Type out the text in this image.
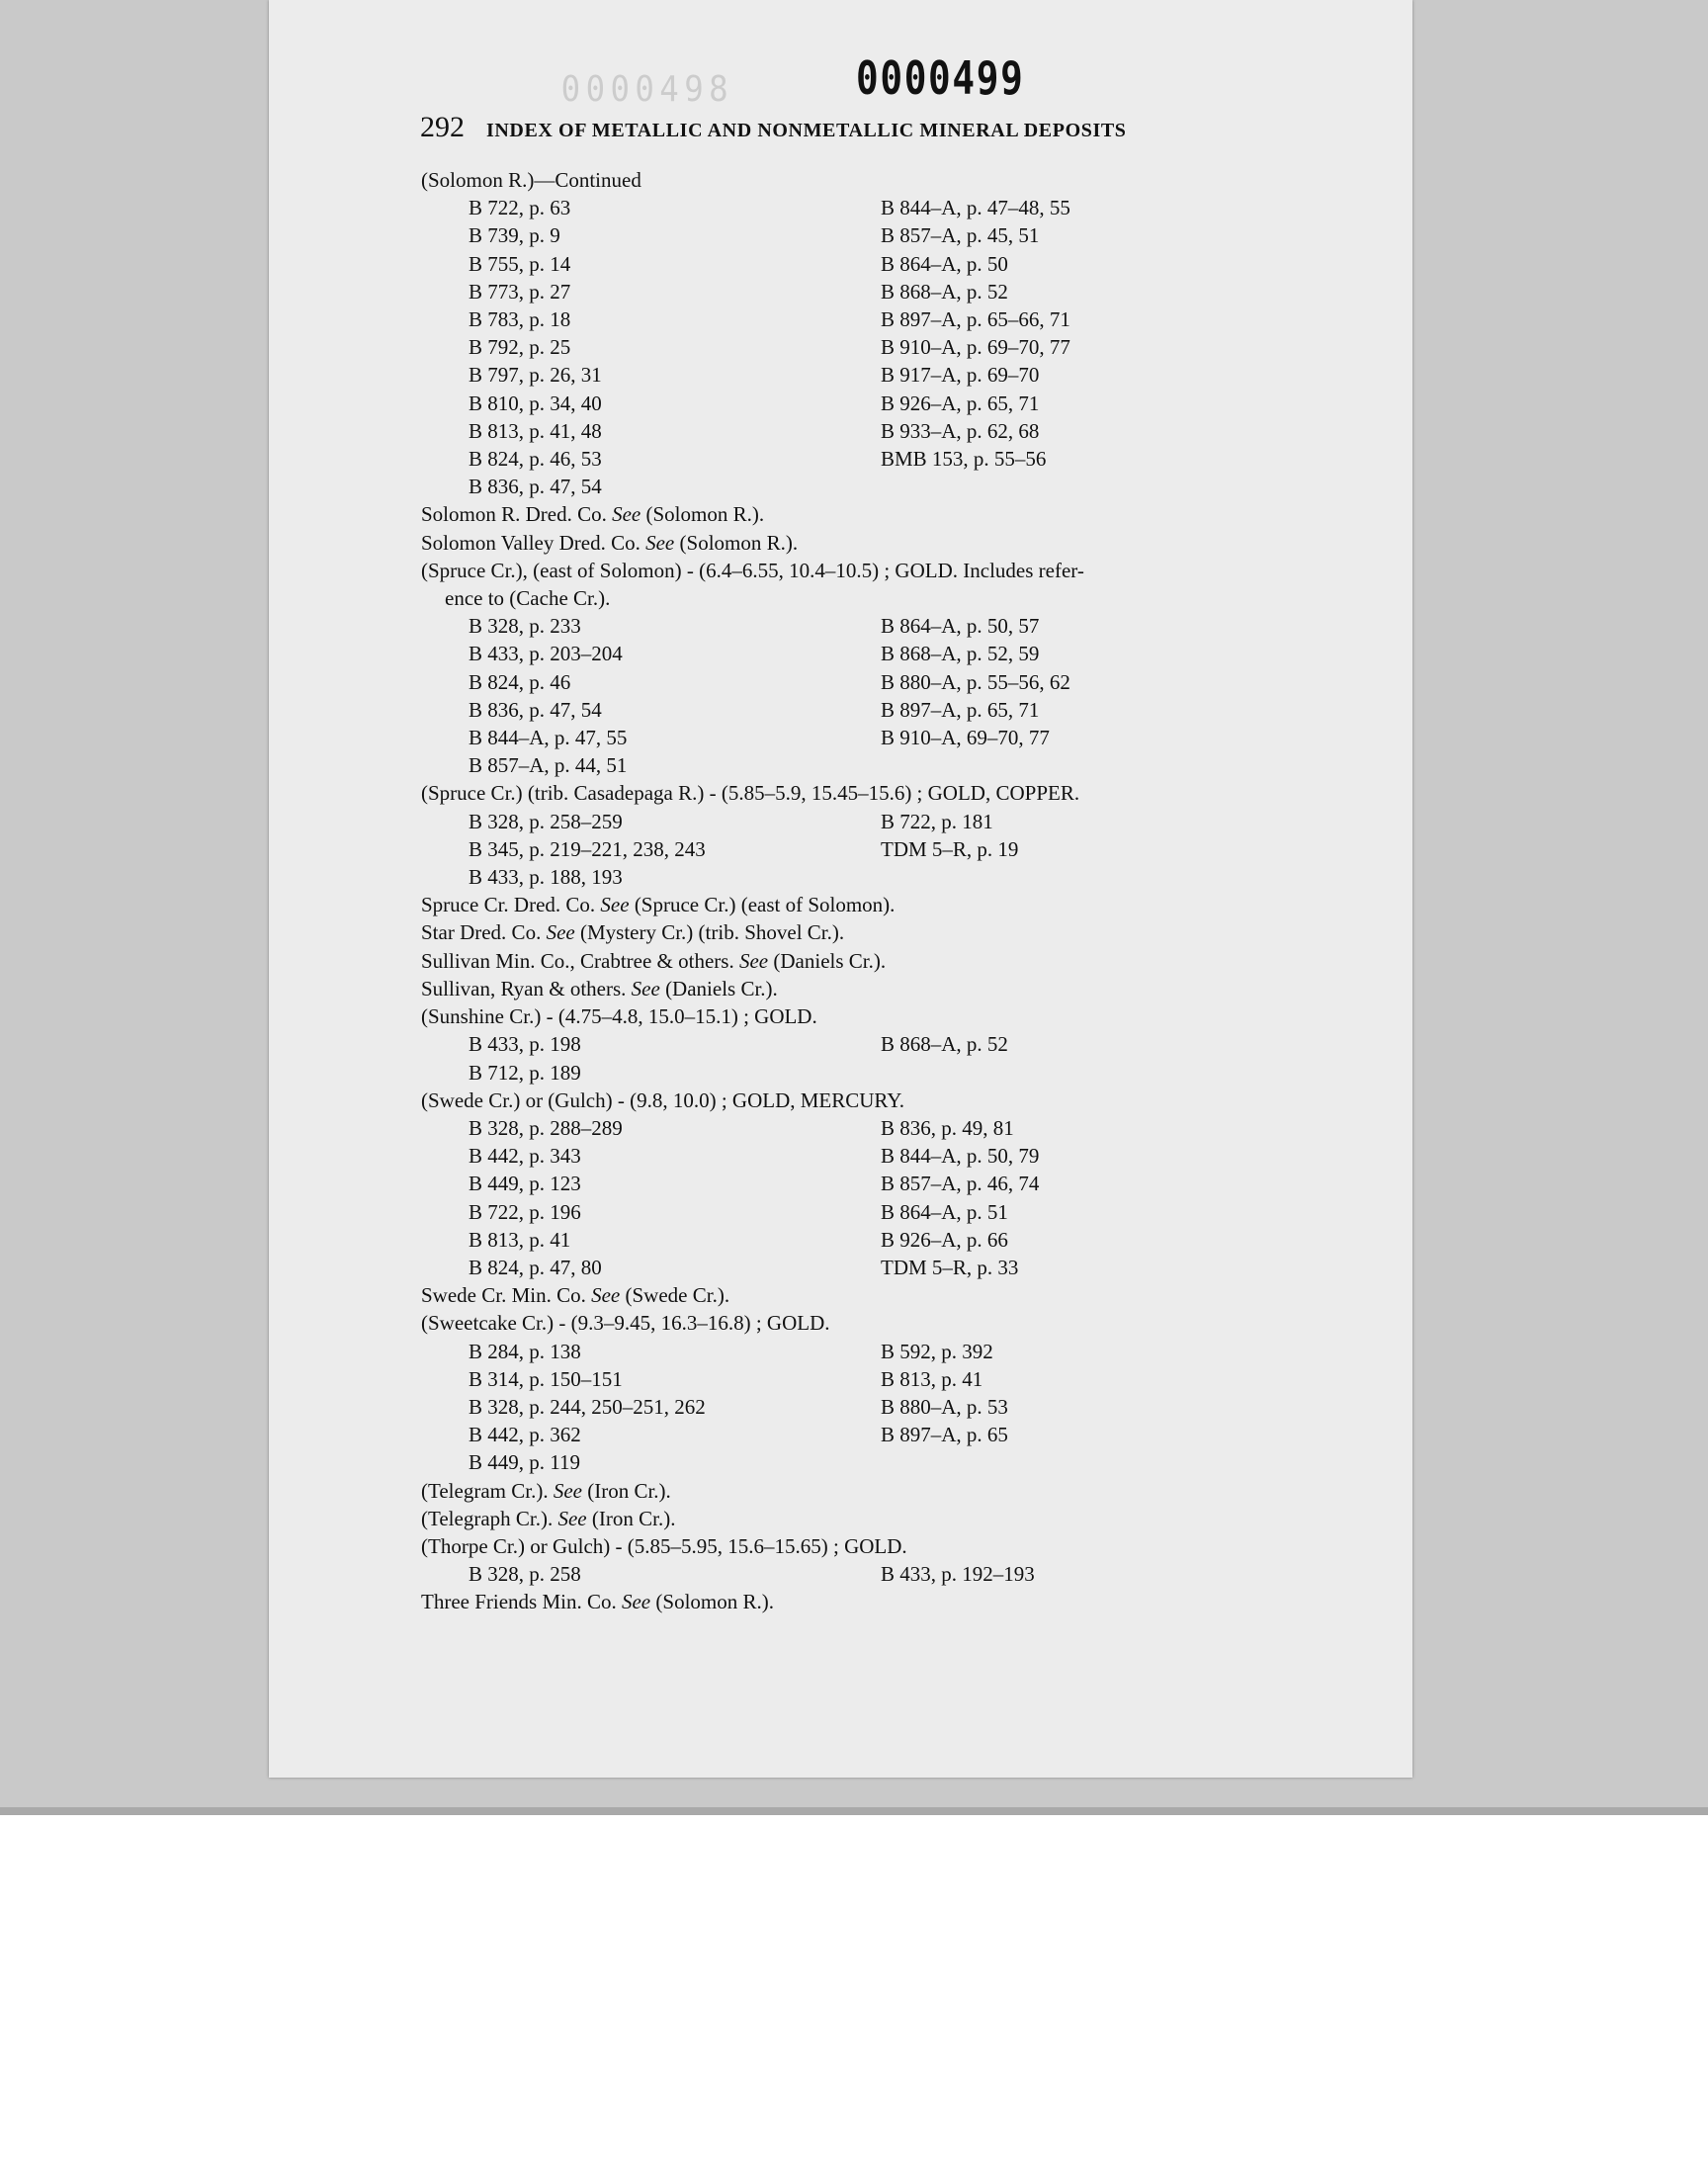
0000498	0000499
292 INDEX OF METALLIC AND NONMETALLIC MINERAL DEPOSITS
(Solomon R.)—Continued
B 722, p. 63
B 739, p. 9
B 755, p. 14
B 773, p. 27
B 783, p. 18
B 792, p. 25
B 797, p. 26, 31
B 810, p. 34, 40
B 813, p. 41, 48
B 824, p. 46, 53
B 836, p. 47, 54
B 844–A, p. 47–48, 55
B 857–A, p. 45, 51
B 864–A, p. 50
B 868–A, p. 52
B 897–A, p. 65–66, 71
B 910–A, p. 69–70, 77
B 917–A, p. 69–70
B 926–A, p. 65, 71
B 933–A, p. 62, 68
BMB 153, p. 55–56
Solomon R. Dred. Co. See (Solomon R.).
Solomon Valley Dred. Co. See (Solomon R.).
(Spruce Cr.), (east of Solomon) - (6.4–6.55, 10.4–10.5) ; GOLD. Includes refer-
ence to (Cache Cr.).
B 328, p. 233
B 433, p. 203–204
B 824, p. 46
B 836, p. 47, 54
B 844–A, p. 47, 55
B 857–A, p. 44, 51
B 864–A, p. 50, 57
B 868–A, p. 52, 59
B 880–A, p. 55–56, 62
B 897–A, p. 65, 71
B 910–A, 69–70, 77
(Spruce Cr.) (trib. Casadepaga R.) - (5.85–5.9, 15.45–15.6) ; GOLD, COPPER.
B 328, p. 258–259
B 345, p. 219–221, 238, 243
B 433, p. 188, 193
B 722, p. 181
TDM 5–R, p. 19
Spruce Cr. Dred. Co. See (Spruce Cr.) (east of Solomon).
Star Dred. Co. See (Mystery Cr.) (trib. Shovel Cr.).
Sullivan Min. Co., Crabtree & others. See (Daniels Cr.).
Sullivan, Ryan & others. See (Daniels Cr.).
(Sunshine Cr.) - (4.75–4.8, 15.0–15.1) ; GOLD.
B 433, p. 198
B 712, p. 189
B 868–A, p. 52
(Swede Cr.) or (Gulch) - (9.8, 10.0) ; GOLD, MERCURY.
B 328, p. 288–289
B 442, p. 343
B 449, p. 123
B 722, p. 196
B 813, p. 41
B 824, p. 47, 80
B 836, p. 49, 81
B 844–A, p. 50, 79
B 857–A, p. 46, 74
B 864–A, p. 51
B 926–A, p. 66
TDM 5–R, p. 33
Swede Cr. Min. Co. See (Swede Cr.).
(Sweetcake Cr.) - (9.3–9.45, 16.3–16.8) ; GOLD.
B 284, p. 138
B 314, p. 150–151
B 328, p. 244, 250–251, 262
B 442, p. 362
B 449, p. 119
B 592, p. 392
B 813, p. 41
B 880–A, p. 53
B 897–A, p. 65
(Telegram Cr.). See (Iron Cr.).
(Telegraph Cr.). See (Iron Cr.).
(Thorpe Cr.) or Gulch) - (5.85–5.95, 15.6–15.65) ; GOLD.
B 328, p. 258	B 433, p. 192–193
Three Friends Min. Co. See (Solomon R.).
